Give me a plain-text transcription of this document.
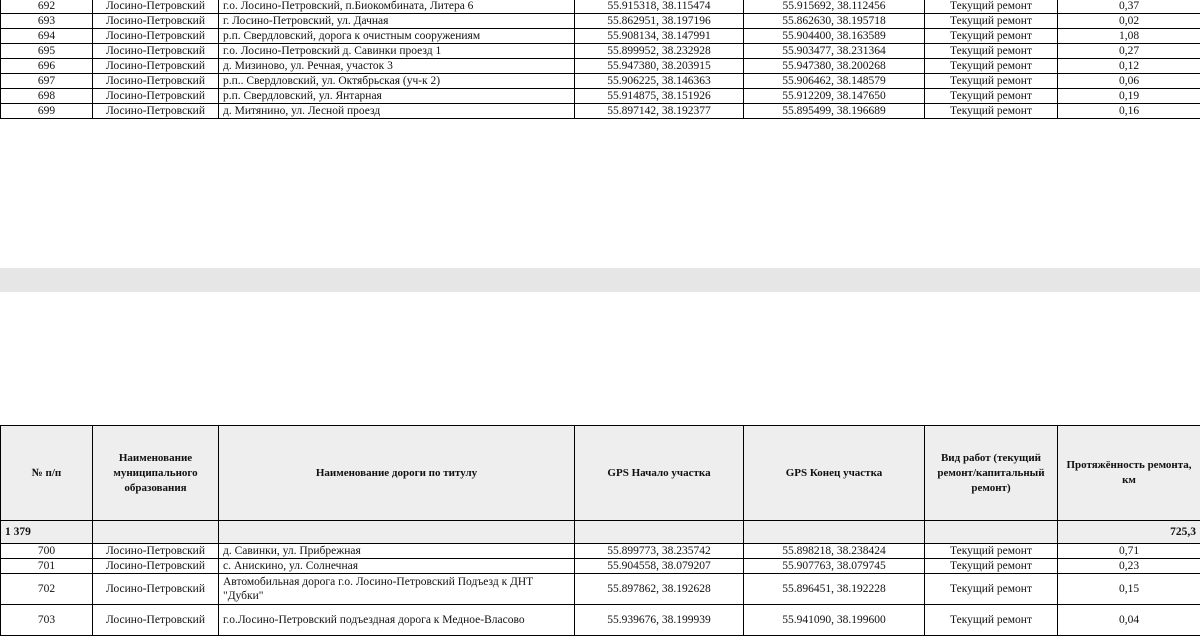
692	Лосино-Петровский	г.о. Лосино-Петровский, п.Биокомбината, Литера 6	55.915318, 38.115474	55.915692, 38.112456	Текущий ремонт	0,37
693	Лосино-Петровский	г. Лосино-Петровский, ул. Дачная	55.862951, 38.197196	55.862630, 38.195718	Текущий ремонт	0,02
694	Лосино-Петровский	р.п. Свердловский, дорога к очистным сооружениям	55.908134, 38.147991	55.904400, 38.163589	Текущий ремонт	1,08
695	Лосино-Петровский	г.о. Лосино-Петровский д. Савинки проезд 1	55.899952, 38.232928	55.903477, 38.231364	Текущий ремонт	0,27
696	Лосино-Петровский	д. Мизиново, ул. Речная, участок 3	55.947380, 38.203915	55.947380, 38.200268	Текущий ремонт	0,12
697	Лосино-Петровский	р.п.. Свердловский, ул. Октябрьская (уч-к 2)	55.906225, 38.146363	55.906462, 38.148579	Текущий ремонт	0,06
698	Лосино-Петровский	р.п. Свердловский, ул. Янтарная	55.914875, 38.151926	55.912209, 38.147650	Текущий ремонт	0,19
699	Лосино-Петровский	д. Митянино, ул. Лесной проезд	55.897142, 38.192377	55.895499, 38.196689	Текущий ремонт	0,16
№ п/п	Наименование муниципального образования	Наименование дороги по титулу	GPS Начало участка	GPS Конец участка	Вид работ (текущий ремонт/капитальный ремонт)	Протяжённость ремонта, км
1 379						725,3
700	Лосино-Петровский	д. Савинки, ул. Прибрежная	55.899773, 38.235742	55.898218, 38.238424	Текущий ремонт	0,71
701	Лосино-Петровский	с. Анискино, ул. Солнечная	55.904558, 38.079207	55.907763, 38.079745	Текущий ремонт	0,23
702	Лосино-Петровский	Автомобильная дорога г.о. Лосино-Петровский Подъезд к ДНТ "Дубки"	55.897862, 38.192628	55.896451, 38.192228	Текущий ремонт	0,15
703	Лосино-Петровский	г.о.Лосино-Петровский подъездная дорога к Медное-Власово	55.939676, 38.199939	55.941090, 38.199600	Текущий ремонт	0,04
